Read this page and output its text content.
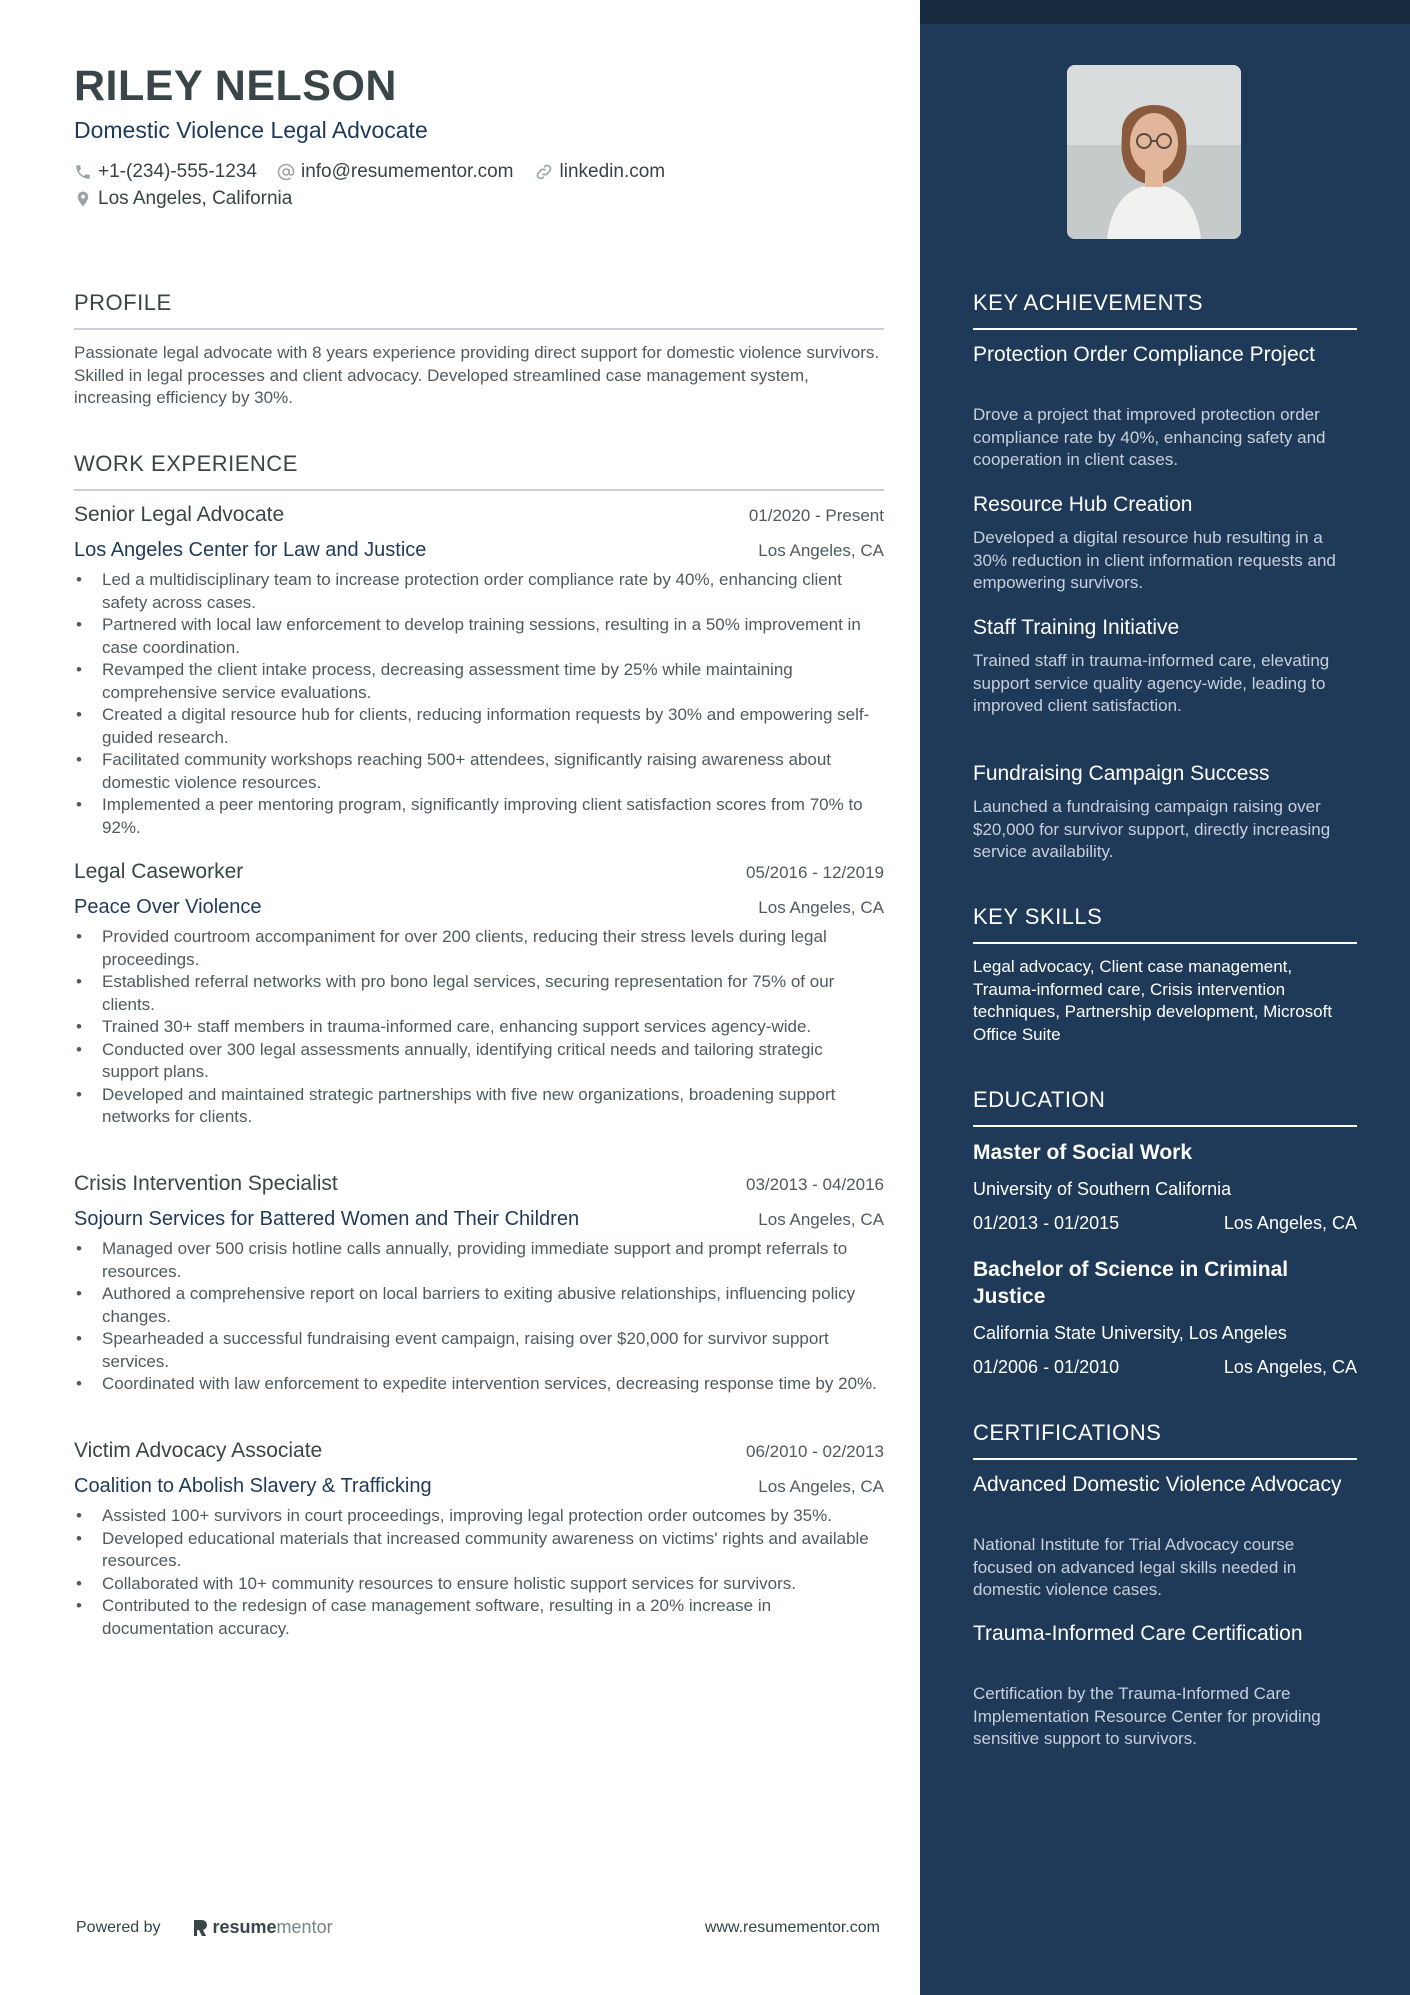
RILEY NELSON
Domestic Violence Legal Advocate
+1-(234)-555-1234 info@resumementor.com linkedin.com
Los Angeles, California
PROFILE
Passionate legal advocate with 8 years experience providing direct support for domestic violence survivors. Skilled in legal processes and client advocacy. Developed streamlined case management system, increasing efficiency by 30%.
WORK EXPERIENCE
Senior Legal Advocate	01/2020 - Present
Los Angeles Center for Law and Justice	Los Angeles, CA
• Led a multidisciplinary team to increase protection order compliance rate by 40%, enhancing client safety across cases.
• Partnered with local law enforcement to develop training sessions, resulting in a 50% improvement in case coordination.
• Revamped the client intake process, decreasing assessment time by 25% while maintaining comprehensive service evaluations.
• Created a digital resource hub for clients, reducing information requests by 30% and empowering self-guided research.
• Facilitated community workshops reaching 500+ attendees, significantly raising awareness about domestic violence resources.
• Implemented a peer mentoring program, significantly improving client satisfaction scores from 70% to 92%.
Legal Caseworker	05/2016 - 12/2019
Peace Over Violence	Los Angeles, CA
• Provided courtroom accompaniment for over 200 clients, reducing their stress levels during legal proceedings.
• Established referral networks with pro bono legal services, securing representation for 75% of our clients.
• Trained 30+ staff members in trauma-informed care, enhancing support services agency-wide.
• Conducted over 300 legal assessments annually, identifying critical needs and tailoring strategic support plans.
• Developed and maintained strategic partnerships with five new organizations, broadening support networks for clients.
Crisis Intervention Specialist	03/2013 - 04/2016
Sojourn Services for Battered Women and Their Children	Los Angeles, CA
• Managed over 500 crisis hotline calls annually, providing immediate support and prompt referrals to resources.
• Authored a comprehensive report on local barriers to exiting abusive relationships, influencing policy changes.
• Spearheaded a successful fundraising event campaign, raising over $20,000 for survivor support services.
• Coordinated with law enforcement to expedite intervention services, decreasing response time by 20%.
Victim Advocacy Associate	06/2010 - 02/2013
Coalition to Abolish Slavery & Trafficking	Los Angeles, CA
• Assisted 100+ survivors in court proceedings, improving legal protection order outcomes by 35%.
• Developed educational materials that increased community awareness on victims' rights and available resources.
• Collaborated with 10+ community resources to ensure holistic support services for survivors.
• Contributed to the redesign of case management software, resulting in a 20% increase in documentation accuracy.
Powered by	resume mentor	www.resumementor.com
KEY ACHIEVEMENTS
Protection Order Compliance Project
Drove a project that improved protection order compliance rate by 40%, enhancing safety and cooperation in client cases.
Resource Hub Creation
Developed a digital resource hub resulting in a 30% reduction in client information requests and empowering survivors.
Staff Training Initiative
Trained staff in trauma-informed care, elevating support service quality agency-wide, leading to improved client satisfaction.
Fundraising Campaign Success
Launched a fundraising campaign raising over $20,000 for survivor support, directly increasing service availability.
KEY SKILLS
Legal advocacy, Client case management, Trauma-informed care, Crisis intervention techniques, Partnership development, Microsoft Office Suite
EDUCATION
Master of Social Work
University of Southern California
01/2013 - 01/2015	Los Angeles, CA
Bachelor of Science in Criminal Justice
California State University, Los Angeles
01/2006 - 01/2010	Los Angeles, CA
CERTIFICATIONS
Advanced Domestic Violence Advocacy
National Institute for Trial Advocacy course focused on advanced legal skills needed in domestic violence cases.
Trauma-Informed Care Certification
Certification by the Trauma-Informed Care Implementation Resource Center for providing sensitive support to survivors.
